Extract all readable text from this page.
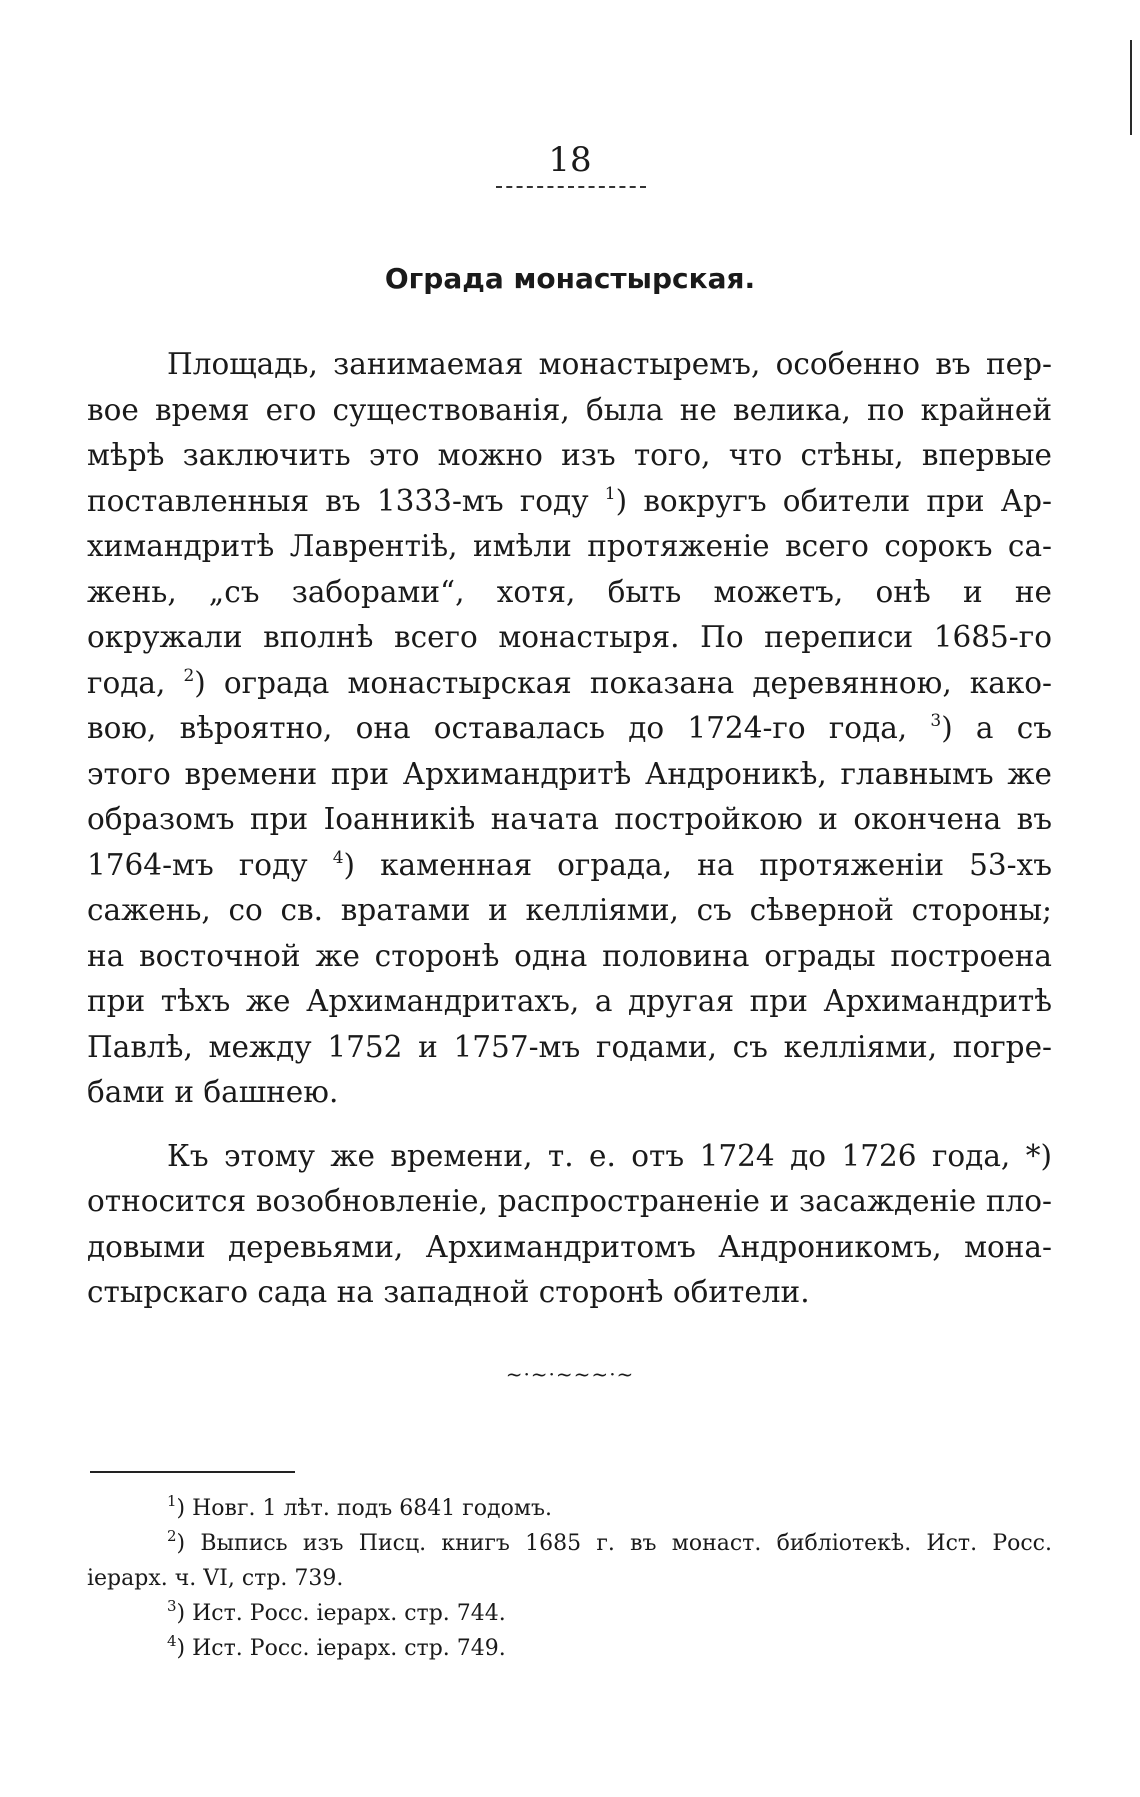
18
Ограда монастырская.
Площадь, занимаемая монастыремъ, особенно въ пер-
вое время его существованія, была не велика, по крайней
мѣрѣ заключить это можно изъ того, что стѣны, впервые
поставленныя въ 1333-мъ году $^1$) вокругъ обители при Ар-
химандритѣ Лаврентіѣ, имѣли протяженіе всего сорокъ са-
жень, „съ заборами“, хотя, быть можетъ, онѣ и не
окружали вполнѣ всего монастыря. По переписи 1685-го
года, $^2$) ограда монастырская показана деревянною, како-
вою, вѣроятно, она оставалась до 1724-го года, $^3$) а съ
этого времени при Архимандритѣ Андроникѣ, главнымъ же
образомъ при Іоанникіѣ начата постройкою и окончена въ
1764-мъ году $^4$) каменная ограда, на протяженіи 53-хъ
сажень, со св. вратами и келліями, съ сѣверной стороны;
на восточной же сторонѣ одна половина ограды построена
при тѣхъ же Архимандритахъ, а другая при Архимандритѣ
Павлѣ, между 1752 и 1757-мъ годами, съ келліями, погре-
бами и башнею.
Къ этому же времени, т. е. отъ 1724 до 1726 года, *)
относится возобновленіе, распространеніе и засажденіе пло-
довыми деревьями, Архимандритомъ Андроникомъ, мона-
стырскаго сада на западной сторонѣ обители.
~·~·~~~·~
$^1$) Новг. 1 лѣт. подъ 6841 годомъ.
$^2$) Выпись изъ Писц. книгъ 1685 г. въ монаст. библіотекѣ. Ист. Росс.
іерарх. ч. VI, стр. 739.
$^3$) Ист. Росс. іерарх. стр. 744.
$^4$) Ист. Росс. іерарх. стр. 749.
